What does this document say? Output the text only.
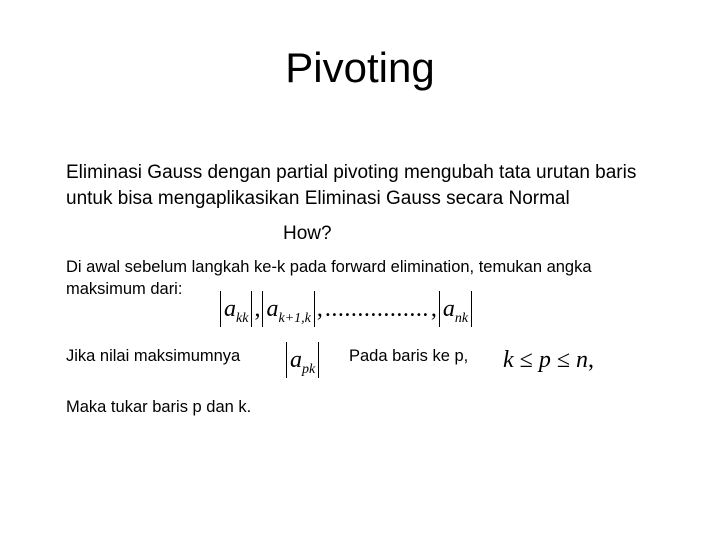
Pivoting
Eliminasi Gauss dengan partial pivoting mengubah tata urutan baris untuk bisa mengaplikasikan Eliminasi Gauss secara Normal
How?
Di awal sebelum langkah ke-k pada forward elimination, temukan angka
maksimum dari:
$a_{kk}$ , $a_{k+1,k}$ , ................ , $a_{nk}$
Jika nilai maksimumnya $a_{pk}$
Pada baris ke p, k ≤ p ≤ n,
Maka tukar baris p dan k.
